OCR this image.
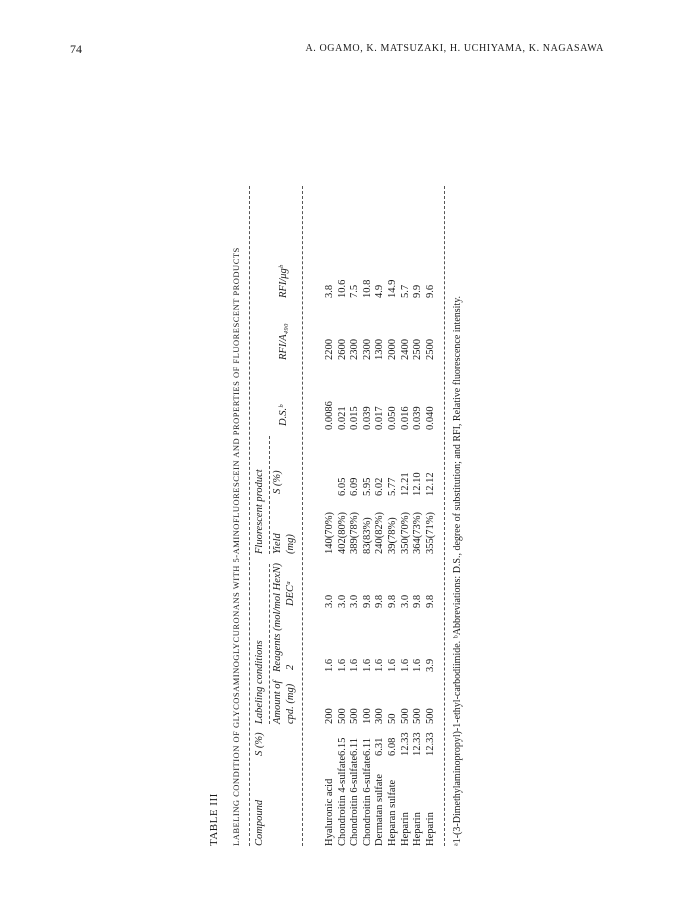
74	A. OGAMO, K. MATSUZAKI, H. UCHIYAMA, K. NAGASAWA
TABLE III LABELING CONDITION OF GLYCOSAMINOGLYCURONANS WITH 5-AMINOFLUORESCEIN AND PROPERTIES OF FLUORESCENT PRODUCTS Compound
S (%)
Labeling conditions
Fluorescent product
Amount of cpd. (mg)
Reagents (mol/mol HexN) 2
DECᵃ
Yield (mg)
S (%)
D.S.ᵇ
RFI/A₄₉₀
RFI/μgᵇ
Hyaluronic acid
200
1.6
3.0
140(70%)
0.0086
2200
3.8
Chondroitin 4-sulfate
6.15
500
1.6
3.0
402(80%)
6.05
0.021
2600
10.6
Chondroitin 6-sulfate
6.11
500
1.6
3.0
389(78%)
6.09
0.015
2300
7.5
Chondroitin 6-sulfate
6.11
100
1.6
9.8
83(83%)
5.95
0.039
2300
10.8
Dermatan sulfate
6.31
300
1.6
9.8
240(82%)
6.02
0.017
1300
4.9
Heparan sulfate
6.08
50
1.6
9.8
39(78%)
5.77
0.050
2000
14.9
Heparin
12.33
500
1.6
3.0
350(70%)
12.21
0.016
2400
5.7
Heparin
12.33
500
1.6
9.8
364(73%)
12.10
0.039
2500
9.9
Heparin
12.33
500
3.9
9.8
355(71%)
12.12
0.040
2500
9.6
ᵃ1-(3-Dimethylaminopropyl)-1-ethyl-carbodiimide. ᵇAbbreviations: D.S., degree of substitution; and RFI, Relative fluorescence intensity.
